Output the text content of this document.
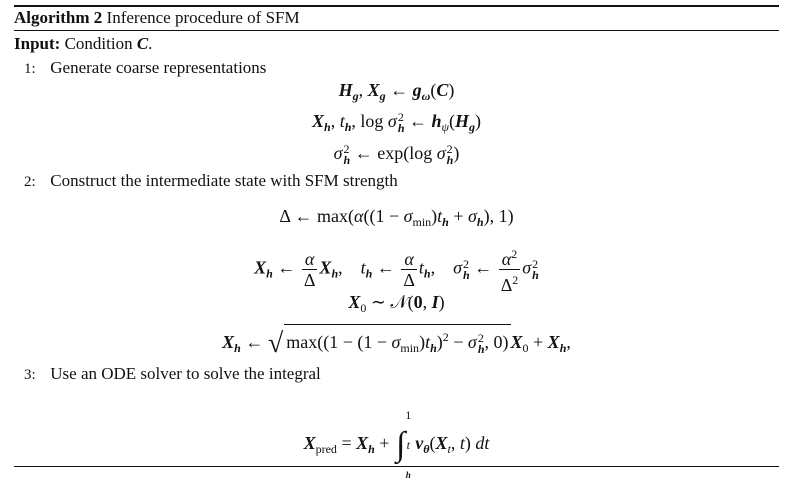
Algorithm 2 Inference procedure of SFM
Input: Condition C.
1: Generate coarse representations
$H_g$, $X_g$ ← $g_\omega(C)$
$X_h$, $t_h$, log σ 2
h ← $h_\psi(H_g)$
σ 2
h ← exp(log σ 2
h )
2: Construct the intermediate state with SFM strength
Δ ← $\max(\alpha((1 - \sigma_{min})t_h + \sigma_h)$, 1)
$X_h$ ← $\frac{\alpha}{\Delta} X_h$,    $t_h$ ← $\frac{\alpha}{\Delta} t_h$,    σ 2
h ← $\frac{\alpha^2}{\Delta^2}$ σ 2
h
$X_0$ ∼ 𝒩(0, I)
$X_h$ ← √ $\max((1 - (1 - \sigma_{min})t_h)^2 - \sigma$ 2
h , 0) $X_0 + X_h$,
3: Use an ODE solver to solve the integral
$X_{pred} = X_h$ + ∫
1
t
h
$v_\theta(X_t$, t) dt
